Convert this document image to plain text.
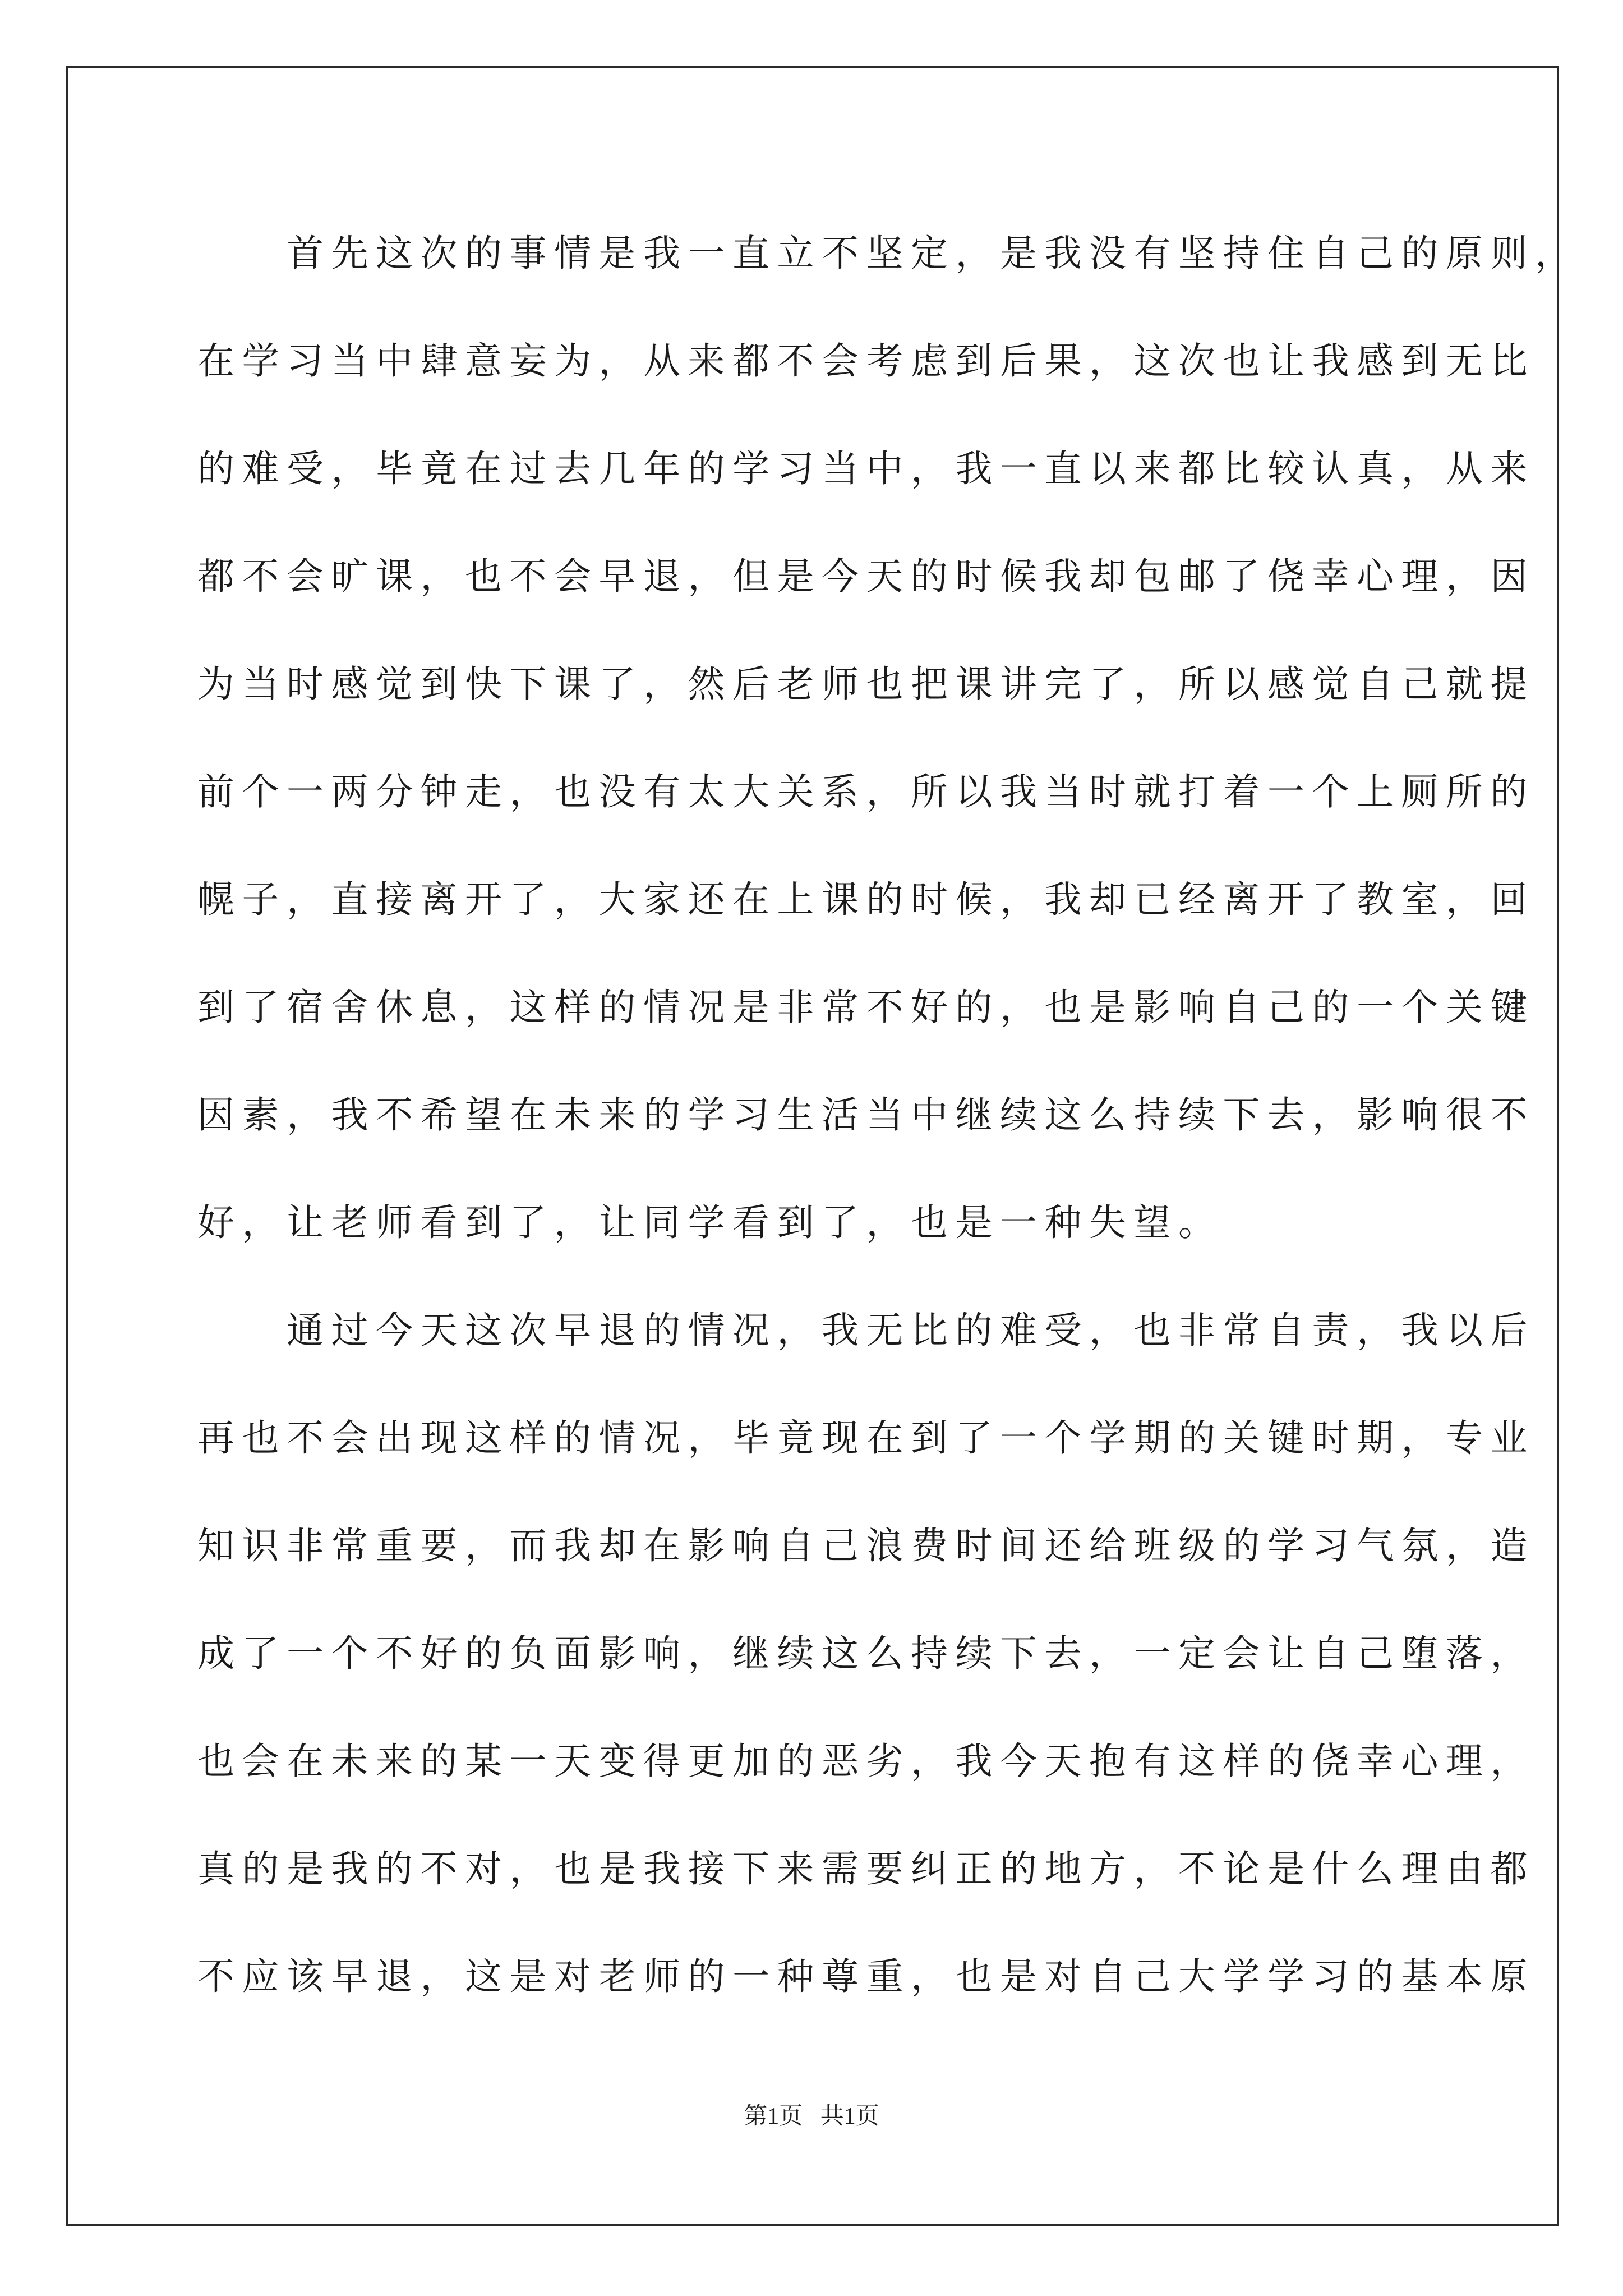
　　首先这次的事情是我一直立不坚定，是我没有坚持住自己的原则，
在学习当中肆意妄为，从来都不会考虑到后果，这次也让我感到无比
的难受，毕竟在过去几年的学习当中，我一直以来都比较认真，从来
都不会旷课，也不会早退，但是今天的时候我却包邮了侥幸心理，因
为当时感觉到快下课了，然后老师也把课讲完了，所以感觉自己就提
前个一两分钟走，也没有太大关系，所以我当时就打着一个上厕所的
幌子，直接离开了，大家还在上课的时候，我却已经离开了教室，回
到了宿舍休息，这样的情况是非常不好的，也是影响自己的一个关键
因素，我不希望在未来的学习生活当中继续这么持续下去，影响很不
好，让老师看到了，让同学看到了，也是一种失望。
　　通过今天这次早退的情况，我无比的难受，也非常自责，我以后
再也不会出现这样的情况，毕竟现在到了一个学期的关键时期，专业
知识非常重要，而我却在影响自己浪费时间还给班级的学习气氛，造
成了一个不好的负面影响，继续这么持续下去，一定会让自己堕落，
也会在未来的某一天变得更加的恶劣，我今天抱有这样的侥幸心理，
真的是我的不对，也是我接下来需要纠正的地方，不论是什么理由都
不应该早退，这是对老师的一种尊重，也是对自己大学学习的基本原
第1页   共1页
